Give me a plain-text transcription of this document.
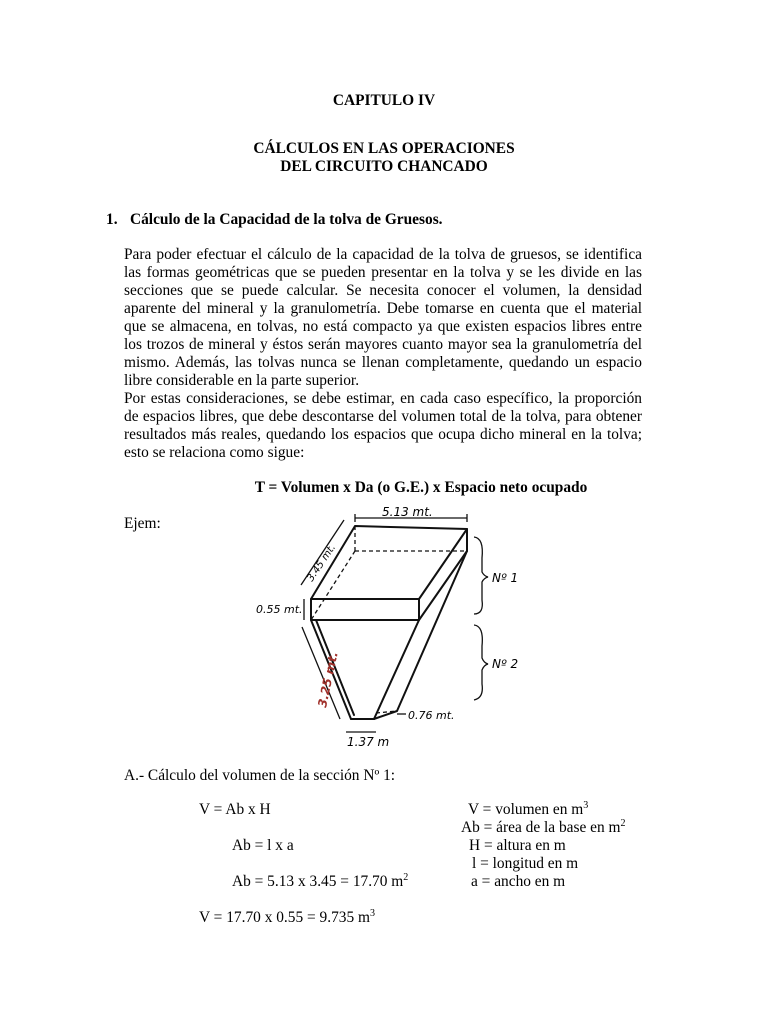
CAPITULO IV
CÁLCULOS EN LAS OPERACIONES
DEL CIRCUITO CHANCADO
1. Cálculo de la Capacidad de la tolva de Gruesos.

Para poder efectuar el cálculo de la capacidad de la tolva de gruesos, se identifica las formas geométricas que se pueden presentar en la tolva y se les divide en las secciones que se puede calcular. Se necesita conocer el volumen, la densidad aparente del mineral y la granulometría. Debe tomarse en cuenta que el material que se almacena, en tolvas, no está compacto ya que existen espacios libres entre los trozos de mineral y éstos serán mayores cuanto mayor sea la granulometría del mismo. Además, las tolvas nunca se llenan completamente, quedando un espacio libre considerable en la parte superior.

Por estas consideraciones, se debe estimar, en cada caso específico, la proporción de espacios libres, que debe descontarse del volumen total de la tolva, para obtener resultados más reales, quedando los espacios que ocupa dicho mineral en la tolva; esto se relaciona como sigue:

T = Volumen x Da (o G.E.) x Espacio neto ocupado
Ejem:
5.13 mt.
3.45 mt.
0.55 mt.
3.25 mt.
0.76 mt.
1.37 m
Nº 1
Nº 2
A.- Cálculo del volumen de la sección Nº 1:
V = Ab x H
Ab = l x a
Ab = 5.13 x 3.45 = 17.70 $m^2$
V = 17.70 x 0.55 = 9.735 $m^3$
V = volumen en $m^3$
Ab = área de la base en $m^2$
H = altura en m
l = longitud en m
a = ancho en m
